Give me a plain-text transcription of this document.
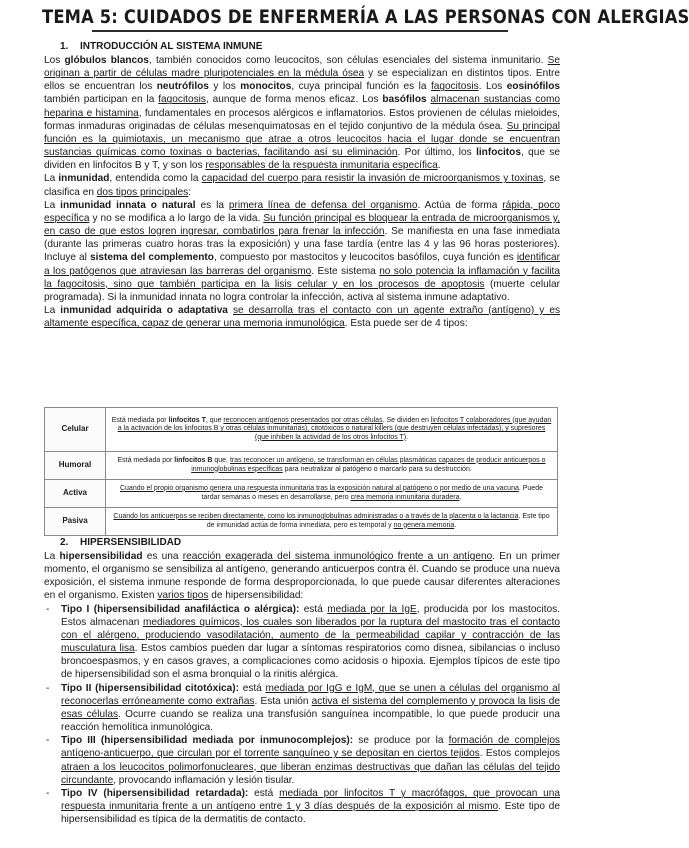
TEMA 5: CUIDADOS DE ENFERMERÍA A LAS PERSONAS CON ALERGIAS
1. INTRODUCCIÓN AL SISTEMA INMUNE

Los glóbulos blancos, también conocidos como leucocitos, son células esenciales del sistema inmunitario. Se originan a partir de células madre pluripotenciales en la médula ósea y se especializan en distintos tipos. Entre ellos se encuentran los neutrófilos y los monocitos, cuya principal función es la fagocitosis. Los eosinófilos también participan en la fagocitosis, aunque de forma menos eficaz. Los basófilos almacenan sustancias como heparina e histamina, fundamentales en procesos alérgicos e inflamatorios. Estos provienen de células mieloides, formas inmaduras originadas de células mesenquimatosas en el tejido conjuntivo de la médula ósea. Su principal función es la quimiotaxis, un mecanismo que atrae a otros leucocitos hacia el lugar donde se encuentran sustancias químicas como toxinas o bacterias, facilitando así su eliminación. Por último, los linfocitos, que se dividen en linfocitos B y T, y son los responsables de la respuesta inmunitaria específica.

La inmunidad, entendida como la capacidad del cuerpo para resistir la invasión de microorganismos y toxinas, se clasifica en dos tipos principales:

La inmunidad innata o natural es la primera línea de defensa del organismo. Actúa de forma rápida, poco específica y no se modifica a lo largo de la vida. Su función principal es bloquear la entrada de microorganismos y, en caso de que estos logren ingresar, combatirlos para frenar la infección. Se manifiesta en una fase inmediata (durante las primeras cuatro horas tras la exposición) y una fase tardía (entre las 4 y las 96 horas posteriores). Incluye al sistema del complemento, compuesto por mastocitos y leucocitos basófilos, cuya función es identificar a los patógenos que atraviesan las barreras del organismo. Este sistema no solo potencia la inflamación y facilita la fagocitosis, sino que también participa en la lisis celular y en los procesos de apoptosis (muerte celular programada). Si la inmunidad innata no logra controlar la infección, activa al sistema inmune adaptativo.

La inmunidad adquirida o adaptativa se desarrolla tras el contacto con un agente extraño (antígeno) y es altamente específica, capaz de generar una memoria inmunológica. Esta puede ser de 4 tipos:

Celular	Está mediada por linfocitos T, que reconocen antígenos presentados por otras células. Se dividen en linfocitos T colaboradores (que ayudan a la activación de los linfocitos B y otras células inmunitarias), citotóxicos o natural killers (que destruyen células infectadas), y supresores (que inhiben la actividad de los otros linfocitos T).
Humoral	Está mediada por linfocitos B que, tras reconocer un antígeno, se transforman en células plasmáticas capaces de producir anticuerpos o inmunoglobulinas específicas para neutralizar al patógeno o marcarlo para su destrucción.
Activa	Cuando el propio organismo genera una respuesta inmunitaria tras la exposición natural al patógeno o por medio de una vacuna. Puede tardar semanas o meses en desarrollarse, pero crea memoria inmunitaria duradera.
Pasiva	Cuando los anticuerpos se reciben directamente, como los inmunoglobulinas administradas o a través de la placenta o la lactancia. Este tipo de inmunidad actúa de forma inmediata, pero es temporal y no genera memoria.
2. HIPERSENSIBILIDAD

La hipersensibilidad es una reacción exagerada del sistema inmunológico frente a un antígeno. En un primer momento, el organismo se sensibiliza al antígeno, generando anticuerpos contra él. Cuando se produce una nueva exposición, el sistema inmune responde de forma desproporcionada, lo que puede causar diferentes alteraciones en el organismo. Existen varios tipos de hipersensibilidad:

- Tipo I (hipersensibilidad anafiláctica o alérgica): está mediada por la IgE, producida por los mastocitos. Estos almacenan mediadores químicos, los cuales son liberados por la ruptura del mastocito tras el contacto con el alérgeno, produciendo vasodilatación, aumento de la permeabilidad capilar y contracción de las musculatura lisa. Estos cambios pueden dar lugar a síntomas respiratorios como disnea, sibilancias o incluso broncoespasmos, y en casos graves, a complicaciones como acidosis o hipoxia. Ejemplos típicos de este tipo de hipersensibilidad son el asma bronquial o la rinitis alérgica.
- Tipo II (hipersensibilidad citotóxica): está mediada por IgG e IgM, que se unen a células del organismo al reconocerlas erróneamente como extrañas. Esta unión activa el sistema del complemento y provoca la lisis de esas células. Ocurre cuando se realiza una transfusión sanguínea incompatible, lo que puede producir una reacción hemolítica inmunológica.
- Tipo III (hipersensibilidad mediada por inmunocomplejos): se produce por la formación de complejos antígeno-anticuerpo, que circulan por el torrente sanguíneo y se depositan en ciertos tejidos. Estos complejos atraen a los leucocitos polimorfonucleares, que liberan enzimas destructivas que dañan las células del tejido circundante, provocando inflamación y lesión tisular.
- Tipo IV (hipersensibilidad retardada): está mediada por linfocitos T y macrófagos, que provocan una respuesta inmunitaria frente a un antígeno entre 1 y 3 días después de la exposición al mismo. Este tipo de hipersensibilidad es típica de la dermatitis de contacto.
